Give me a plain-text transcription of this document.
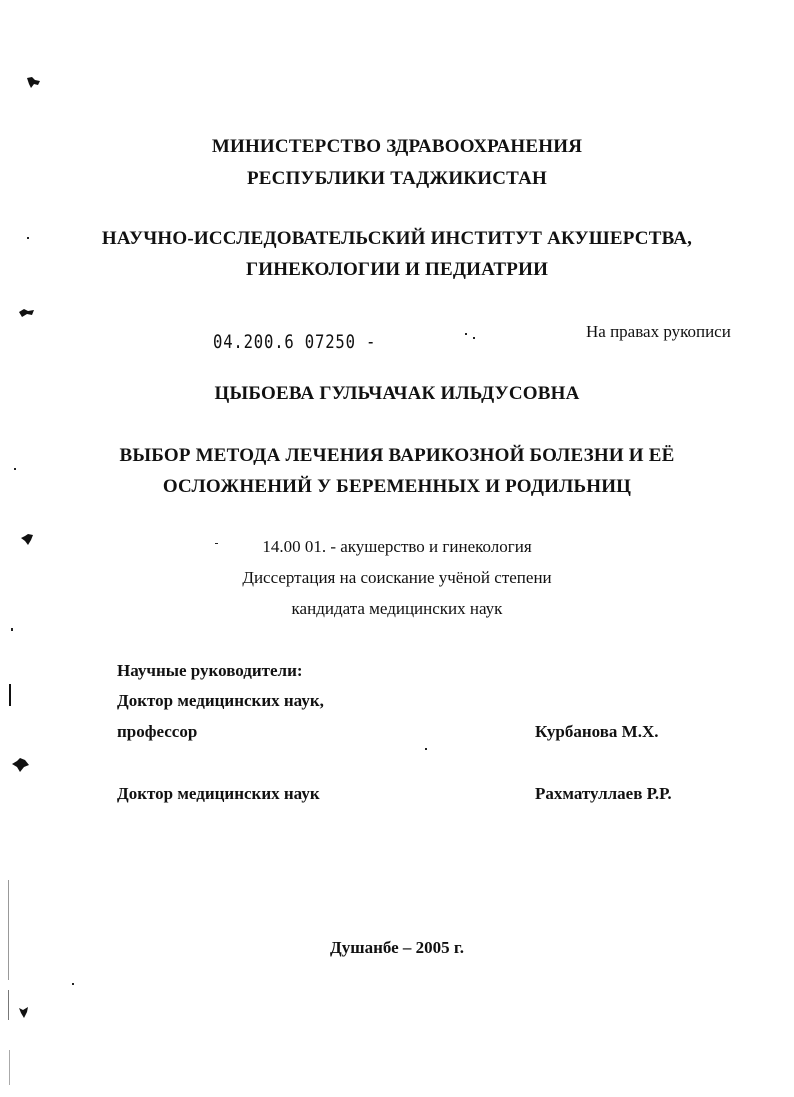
МИНИСТЕРСТВО ЗДРАВООХРАНЕНИЯ
РЕСПУБЛИКИ ТАДЖИКИСТАН
НАУЧНО-ИССЛЕДОВАТЕЛЬСКИЙ ИНСТИТУТ АКУШЕРСТВА,
ГИНЕКОЛОГИИ И ПЕДИАТРИИ
04.200.6 07250 -	На правах рукописи
ЦЫБОЕВА ГУЛЬЧАЧАК ИЛЬДУСОВНА
ВЫБОР МЕТОДА ЛЕЧЕНИЯ ВАРИКОЗНОЙ БОЛЕЗНИ И ЕЁ
ОСЛОЖНЕНИЙ У БЕРЕМЕННЫХ И РОДИЛЬНИЦ
14.00 01. - акушерство и гинекология
Диссертация на соискание учёной степени
кандидата медицинских наук
Научные руководители:
Доктор медицинских наук,
профессор	Курбанова М.Х.
Доктор медицинских наук	Рахматуллаев Р.Р.
Душанбе – 2005 г.
